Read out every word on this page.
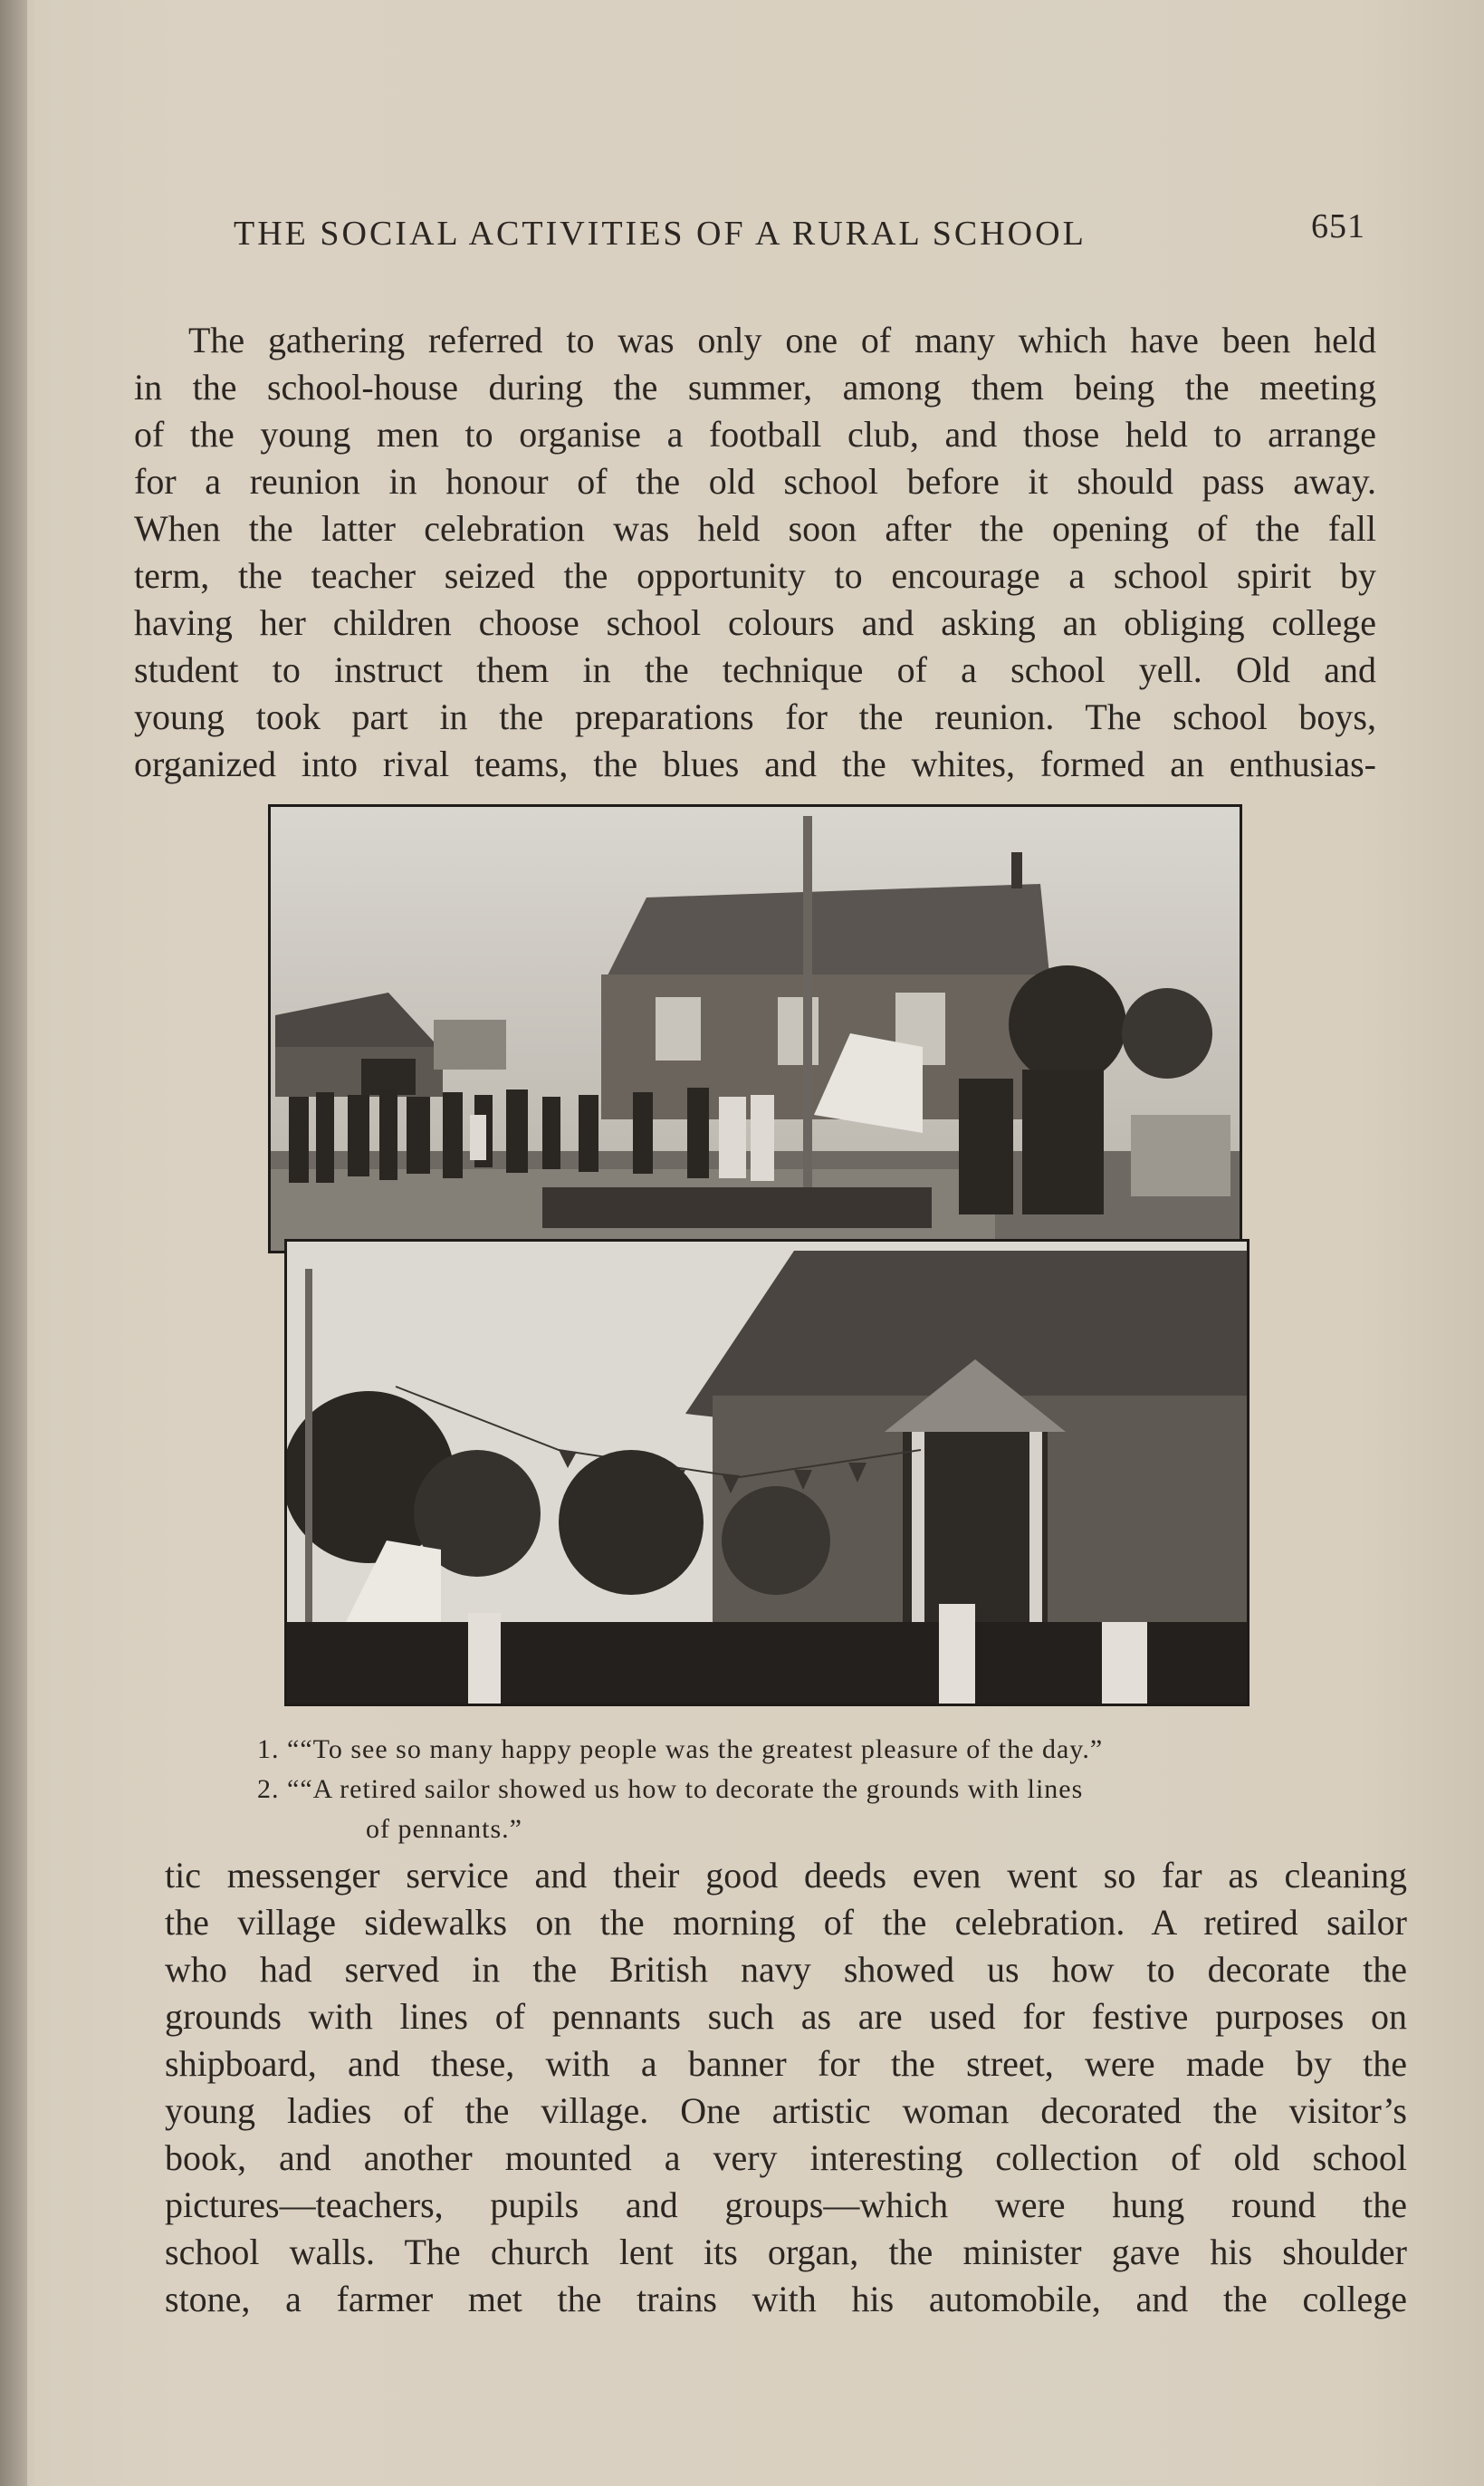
THE SOCIAL ACTIVITIES OF A RURAL SCHOOL	651
The gathering referred to was only one of many which have been held
in the school-house during the summer, among them being the meeting
of the young men to organise a football club, and those held to arrange
for a reunion in honour of the old school before it should pass away.
When the latter celebration was held soon after the opening of the fall
term, the teacher seized the opportunity to encourage a school spirit by
having her children choose school colours and asking an obliging college
student to instruct them in the technique of a school yell. Old and
young took part in the preparations for the reunion. The school boys,
organized into rival teams, the blues and the whites, formed an enthusias-
1. ““To see so many happy people was the greatest pleasure of the day.”
2. ““A retired sailor showed us how to decorate the grounds with lines
of pennants.”
tic messenger service and their good deeds even went so far as cleaning
the village sidewalks on the morning of the celebration. A retired sailor
who had served in the British navy showed us how to decorate the
grounds with lines of pennants such as are used for festive purposes on
shipboard, and these, with a banner for the street, were made by the
young ladies of the village. One artistic woman decorated the visitor’s
book, and another mounted a very interesting collection of old school
pictures—teachers, pupils and groups—which were hung round the
school walls. The church lent its organ, the minister gave his shoulder
stone, a farmer met the trains with his automobile, and the college
